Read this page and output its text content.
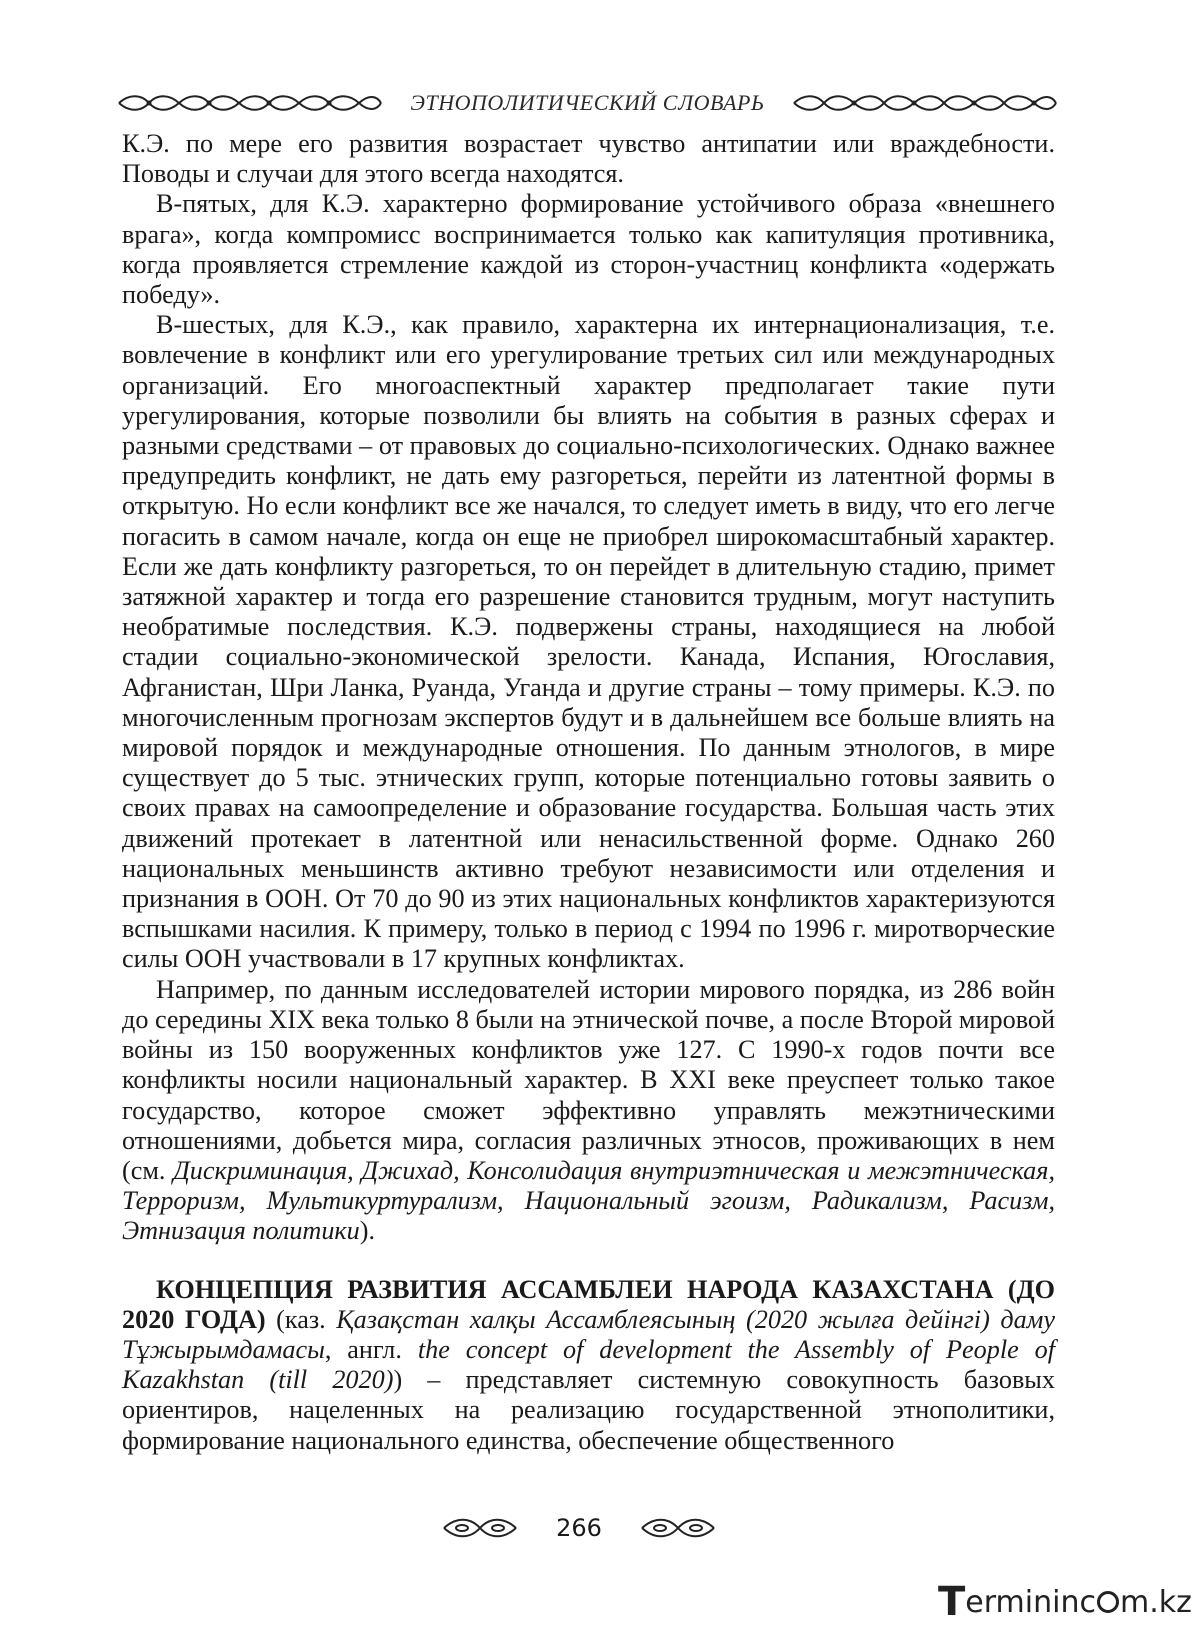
ЭТНОПОЛИТИЧЕСКИЙ СЛОВАРЬ

К.Э. по мере его развития возрастает чувство антипатии или враждебности. Поводы и случаи для этого всегда находятся.

В-пятых, для К.Э. характерно формирование устойчивого образа «внешнего врага», когда компромисс воспринимается только как капитуляция противника, когда проявляется стремление каждой из сторон-участниц конфликта «одержать победу».

В-шестых, для К.Э., как правило, характерна их интернационализация, т.е. вовлечение в конфликт или его урегулирование третьих сил или международных организаций. Его многоаспектный характер предполагает такие пути урегулирования, которые позволили бы влиять на события в разных сферах и разными средствами – от правовых до социально-психологических. Однако важнее предупредить конфликт, не дать ему разгореться, перейти из латентной формы в открытую. Но если конфликт все же начался, то следует иметь в виду, что его легче погасить в самом начале, когда он еще не приобрел широкомасштабный характер. Если же дать конфликту разгореться, то он перейдет в длительную стадию, примет затяжной характер и тогда его разрешение становится трудным, могут наступить необратимые последствия. К.Э. подвержены страны, находящиеся на любой стадии социально-экономической зрелости. Канада, Испания, Югославия, Афганистан, Шри Ланка, Руанда, Уганда и другие страны – тому примеры. К.Э. по многочисленным прогнозам экспертов будут и в дальнейшем все больше влиять на мировой порядок и международные отношения. По данным этнологов, в мире существует до 5 тыс. этнических групп, которые потенциально готовы заявить о своих правах на самоопределение и образование государства. Большая часть этих движений протекает в латентной или ненасильственной форме. Однако 260 национальных меньшинств активно требуют независимости или отделения и признания в ООН. От 70 до 90 из этих национальных конфликтов характеризуются вспышками насилия. К примеру, только в период с 1994 по 1996 г. миротворческие силы ООН участвовали в 17 крупных конфликтах.

Например, по данным исследователей истории мирового порядка, из 286 войн до середины XIX века только 8 были на этнической почве, а после Второй мировой войны из 150 вооруженных конфликтов уже 127. С 1990-х годов почти все конфликты носили национальный характер. В XXI веке преуспеет только такое государство, которое сможет эффективно управлять межэтническими отношениями, добьется мира, согласия различных этносов, проживающих в нем (см. Дискриминация, Джихад, Консолидация внутриэтническая и межэтническая, Терроризм, Мультикуртурализм, Национальный эгоизм, Радикализм, Расизм, Этнизация политики).

КОНЦЕПЦИЯ РАЗВИТИЯ АССАМБЛЕИ НАРОДА КАЗАХСТАНА (ДО 2020 ГОДА) (каз. Қазақстан халқы Ассамблеясының (2020 жылға дейінгі) даму Тұжырымдамасы, англ. the concept of development the Assembly of People of Kazakhstan (till 2020)) – представляет системную совокупность базовых ориентиров, нацеленных на реализацию государственной этнополитики, формирование национального единства, обеспечение общественного

266
T ermininc m.kz
